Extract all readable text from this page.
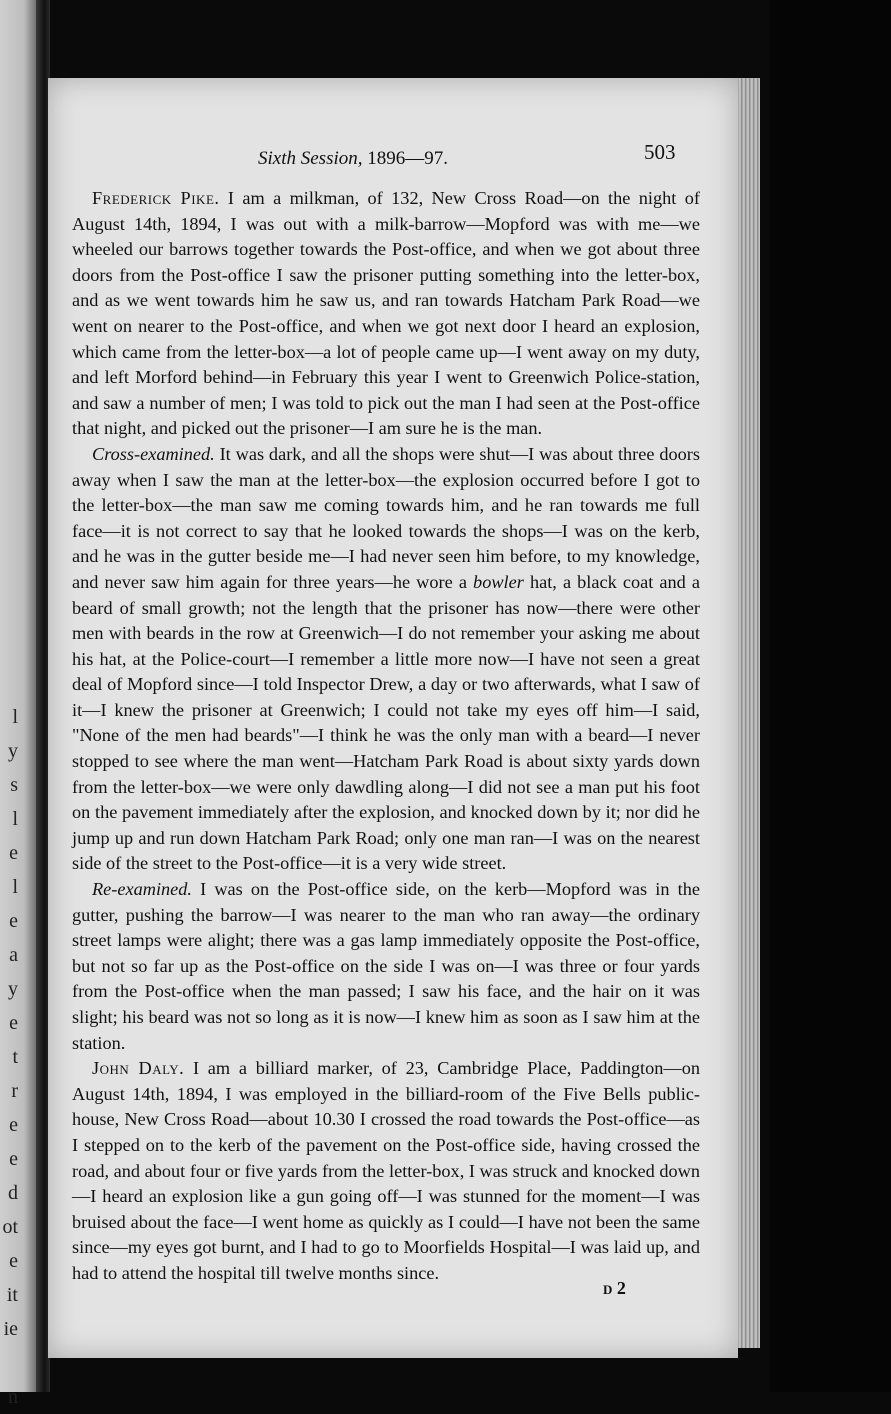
l
y
s
l
e
l
e
a
y
e
t
r
e
e
d
ot
e
it
ie
n
Sixth Session, 1896—97.	503

Frederick Pike. I am a milkman, of 132, New Cross Road—on the night of August 14th, 1894, I was out with a milk-barrow—Mopford was with me—we wheeled our barrows together towards the Post-office, and when we got about three doors from the Post-office I saw the prisoner putting something into the letter-box, and as we went towards him he saw us, and ran towards Hatcham Park Road—we went on nearer to the Post-office, and when we got next door I heard an explosion, which came from the letter-box—a lot of people came up—I went away on my duty, and left Morford behind—in February this year I went to Greenwich Police-station, and saw a number of men; I was told to pick out the man I had seen at the Post-office that night, and picked out the prisoner—I am sure he is the man.

Cross-examined. It was dark, and all the shops were shut—I was about three doors away when I saw the man at the letter-box—the explosion occurred before I got to the letter-box—the man saw me coming towards him, and he ran towards me full face—it is not correct to say that he looked towards the shops—I was on the kerb, and he was in the gutter beside me—I had never seen him before, to my knowledge, and never saw him again for three years—he wore a bowler hat, a black coat and a beard of small growth; not the length that the prisoner has now—there were other men with beards in the row at Greenwich—I do not remember your asking me about his hat, at the Police-court—I remember a little more now—I have not seen a great deal of Mopford since—I told Inspector Drew, a day or two afterwards, what I saw of it—I knew the prisoner at Greenwich; I could not take my eyes off him—I said, "None of the men had beards"—I think he was the only man with a beard—I never stopped to see where the man went—Hatcham Park Road is about sixty yards down from the letter-box—we were only dawdling along—I did not see a man put his foot on the pavement immediately after the explosion, and knocked down by it; nor did he jump up and run down Hatcham Park Road; only one man ran—I was on the nearest side of the street to the Post-office—it is a very wide street.

Re-examined. I was on the Post-office side, on the kerb—Mopford was in the gutter, pushing the barrow—I was nearer to the man who ran away—the ordinary street lamps were alight; there was a gas lamp immediately opposite the Post-office, but not so far up as the Post-office on the side I was on—I was three or four yards from the Post-office when the man passed; I saw his face, and the hair on it was slight; his beard was not so long as it is now—I knew him as soon as I saw him at the station.

John Daly. I am a billiard marker, of 23, Cambridge Place, Paddington—on August 14th, 1894, I was employed in the billiard-room of the Five Bells public-house, New Cross Road—about 10.30 I crossed the road towards the Post-office—as I stepped on to the kerb of the pavement on the Post-office side, having crossed the road, and about four or five yards from the letter-box, I was struck and knocked down—I heard an explosion like a gun going off—I was stunned for the moment—I was bruised about the face—I went home as quickly as I could—I have not been the same since—my eyes got burnt, and I had to go to Moorfields Hospital—I was laid up, and had to attend the hospital till twelve months since.

D 2
